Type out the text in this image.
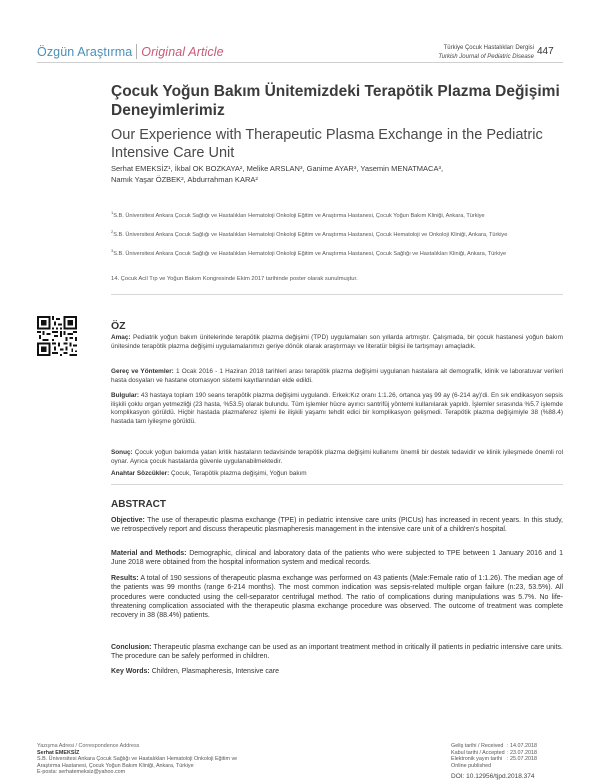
Özgün Araştırma Original Article	Türkiye Çocuk Hastalıkları Dergisi
Turkish Journal of Pediatric Disease 447
Çocuk Yoğun Bakım Ünitemizdeki Terapötik Plazma Değişimi Deneyimlerimiz
Our Experience with Therapeutic Plasma Exchange in the Pediatric Intensive Care Unit
Serhat EMEKSİZ¹, İkbal OK BOZKAYA², Melike ARSLAN³, Ganime AYAR³, Yasemin MENATMACA³,
Namık Yaşar ÖZBEK², Abdurrahman KARA²
$^1$S.B. Üniversitesi Ankara Çocuk Sağlığı ve Hastalıkları Hematoloji Onkoloji Eğitim ve Araştırma Hastanesi, Çocuk Yoğun Bakım Kliniği, Ankara, Türkiye
$^2$S.B. Üniversitesi Ankara Çocuk Sağlığı ve Hastalıkları Hematoloji Onkoloji Eğitim ve Araştırma Hastanesi, Çocuk Hematoloji ve Onkoloji Kliniği, Ankara, Türkiye
$^3$S.B. Üniversitesi Ankara Çocuk Sağlığı ve Hastalıkları Hematoloji Onkoloji Eğitim ve Araştırma Hastanesi, Çocuk Sağlığı ve Hastalıkları Kliniği, Ankara, Türkiye
14. Çocuk Acil Tıp ve Yoğun Bakım Kongresinde Ekim 2017 tarihinde poster olarak sunulmuştur.
ÖZ
Amaç: Pediatrik yoğun bakım ünitelerinde terapötik plazma değişimi (TPD) uygulamaları son yıllarda artmıştır. Çalışmada, bir çocuk hastanesi yoğun bakım ünitesinde terapötik plazma değişimi uygulamalarımızı geriye dönük olarak araştırmayı ve literatür bilgisi ile tartışmayı amaçladık.
Gereç ve Yöntemler: 1 Ocak 2016 - 1 Haziran 2018 tarihleri arası terapötik plazma değişimi uygulanan hastalara ait demografik, klinik ve laboratuvar verileri hasta dosyaları ve hastane otomasyon sistemi kayıtlarından elde edildi.
Bulgular: 43 hastaya toplam 190 seans terapötik plazma değişimi uygulandı. Erkek:Kız oranı 1:1.26, ortanca yaş 99 ay (6-214 ay)'di. En sık endikasyon sepsis ilişkili çoklu organ yetmezliği (23 hasta, %53.5) olarak bulundu. Tüm işlemler hücre ayırıcı santrifüj yöntemi kullanılarak yapıldı. İşlemler sırasında %5.7 işlemde komplikasyon görüldü. Hiçbir hastada plazmaferez işlemi ile ilişkili yaşamı tehdit edici bir komplikasyon gelişmedi. Terapötik plazma değişimiyle 38 (%88.4) hastada tam iyileşme görüldü.
Sonuç: Çocuk yoğun bakımda yatan kritik hastaların tedavisinde terapötik plazma değişimi kullanımı önemli bir destek tedavidir ve klinik iyileşmede önemli rol oynar. Ayrıca çocuk hastalarda güvenle uygulanabilmektedir.
Anahtar Sözcükler: Çocuk, Terapötik plazma değişimi, Yoğun bakım
ABSTRACT
Objective: The use of therapeutic plasma exchange (TPE) in pediatric intensive care units (PICUs) has increased in recent years. In this study, we retrospectively report and discuss therapeutic plasmapheresis management in the intensive care unit of a children's hospital.
Material and Methods: Demographic, clinical and laboratory data of the patients who were subjected to TPE between 1 January 2016 and 1 June 2018 were obtained from the hospital information system and medical records.
Results: A total of 190 sessions of therapeutic plasma exchange was performed on 43 patients (Male:Female ratio of 1:1.26). The median age of the patients was 99 months (range 6-214 months). The most common indication was sepsis-related multiple organ failure (n:23, 53.5%). All procedures were conducted using the cell-separator centrifugal method. The ratio of complications during manipulations was 5.7%. No life-threatening complication associated with the therapeutic plasma exchange procedure was observed. The outcome of treatment was complete recovery in 38 (88.4%) patients.
Conclusion: Therapeutic plasma exchange can be used as an important treatment method in critically ill patients in pediatric intensive care units. The procedure can be safely performed in children.
Key Words: Children, Plasmapheresis, Intensive care
Yazışma Adresi / Correspondence Address
Serhat EMEKSİZ
S.B. Üniversitesi Ankara Çocuk Sağlığı ve Hastalıkları Hematoloji Onkoloji Eğitim ve
Araştırma Hastanesi, Çocuk Yoğun Bakım Kliniği, Ankara, Türkiye
E-posta: serhatemeksiz@yahoo.com
Geliş tarihi / Received : 14.07.2018
Kabul tarihi / Accepted : 23.07.2018
Elektronik yayın tarihi : 25.07.2018
Online published
DOI: 10.12956/tjpd.2018.374
